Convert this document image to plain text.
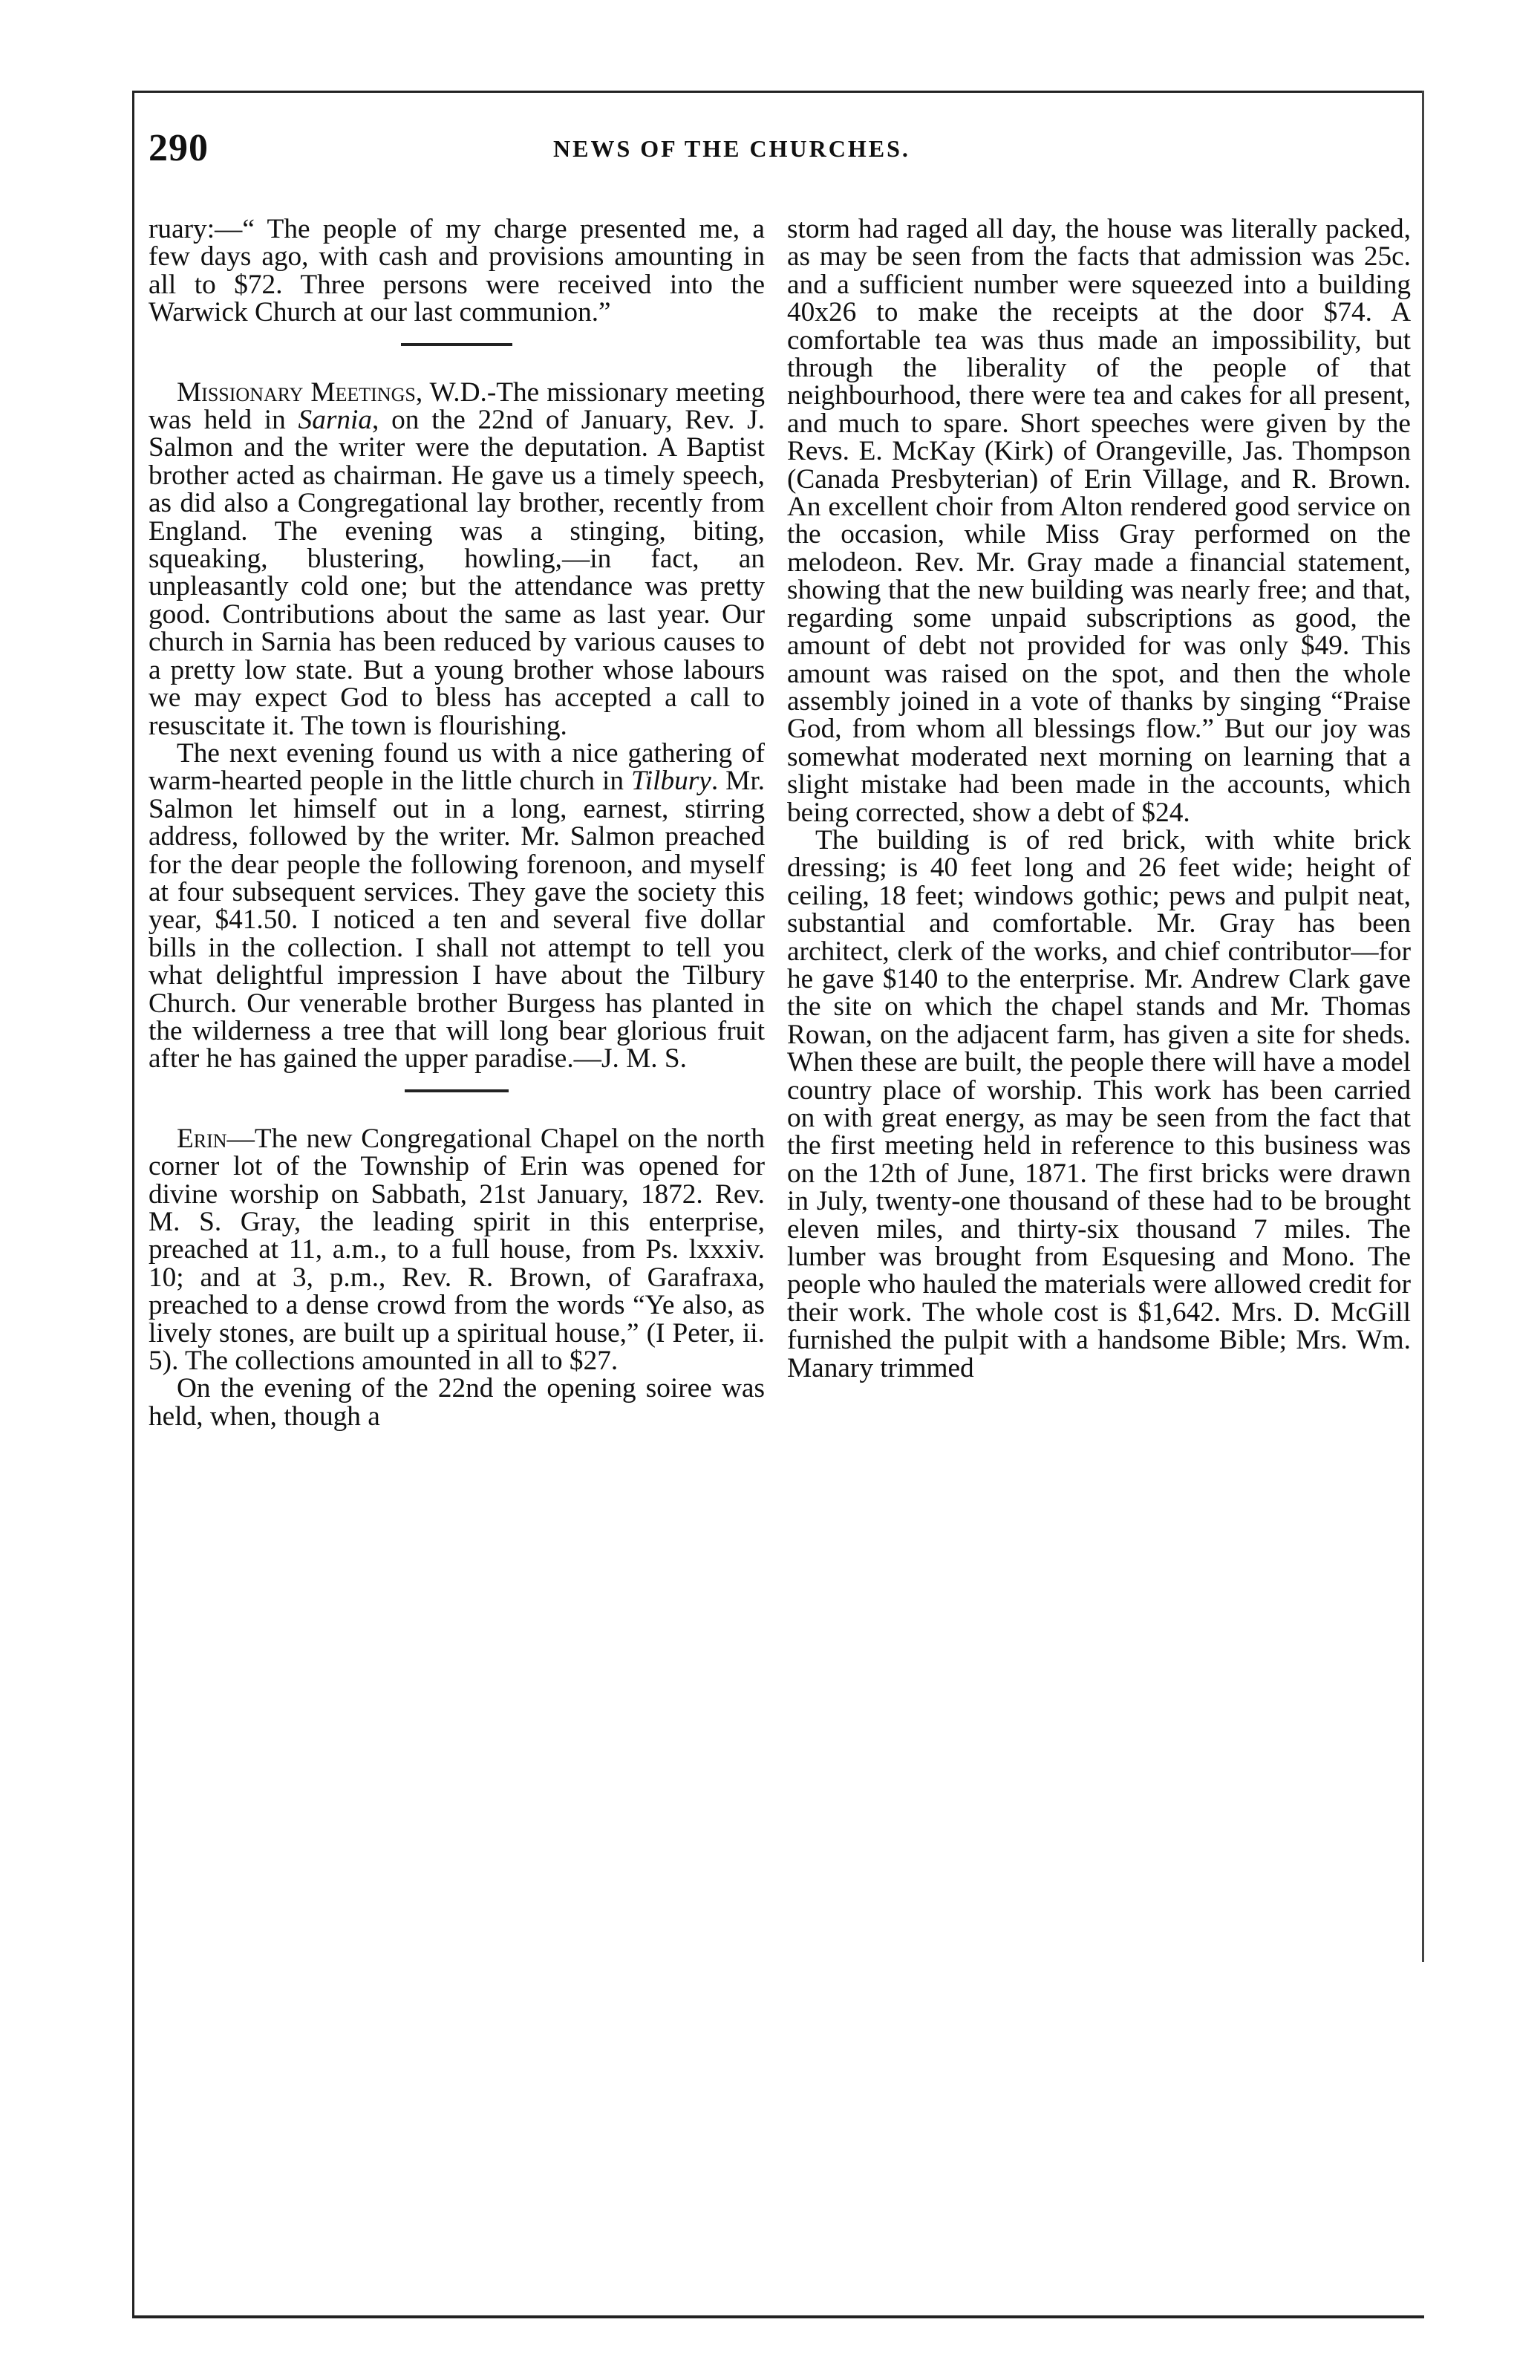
290	NEWS OF THE CHURCHES.

ruary:—“ The people of my charge presented me, a few days ago, with cash and provisions amounting in all to $72. Three persons were received into the Warwick Church at our last communion.”

Missionary Meetings, W.D.-The missionary meeting was held in Sarnia, on the 22nd of January, Rev. J. Salmon and the writer were the deputation. A Baptist brother acted as chairman. He gave us a timely speech, as did also a Congregational lay brother, recently from England. The evening was a stinging, biting, squeaking, blustering, howling,—in fact, an unpleasantly cold one; but the attendance was pretty good. Contributions about the same as last year. Our church in Sarnia has been reduced by various causes to a pretty low state. But a young brother whose labours we may expect God to bless has accepted a call to resuscitate it. The town is flourishing.

The next evening found us with a nice gathering of warm-hearted people in the little church in Tilbury. Mr. Salmon let himself out in a long, earnest, stirring address, followed by the writer. Mr. Salmon preached for the dear people the following forenoon, and myself at four subsequent services. They gave the society this year, $41.50. I noticed a ten and several five dollar bills in the collection. I shall not attempt to tell you what delightful impression I have about the Tilbury Church. Our venerable brother Burgess has planted in the wilderness a tree that will long bear glorious fruit after he has gained the upper paradise.—J. M. S.

Erin—The new Congregational Chapel on the north corner lot of the Township of Erin was opened for divine worship on Sabbath, 21st January, 1872. Rev. M. S. Gray, the leading spirit in this enterprise, preached at 11, a.m., to a full house, from Ps. lxxxiv. 10; and at 3, p.m., Rev. R. Brown, of Garafraxa, preached to a dense crowd from the words “Ye also, as lively stones, are built up a spiritual house,” (I Peter, ii. 5). The collections amounted in all to $27.

On the evening of the 22nd the opening soiree was held, when, though a

storm had raged all day, the house was literally packed, as may be seen from the facts that admission was 25c. and a sufficient number were squeezed into a building 40x26 to make the receipts at the door $74. A comfortable tea was thus made an impossibility, but through the liberality of the people of that neighbourhood, there were tea and cakes for all present, and much to spare. Short speeches were given by the Revs. E. McKay (Kirk) of Orangeville, Jas. Thompson (Canada Presbyterian) of Erin Village, and R. Brown. An excellent choir from Alton rendered good service on the occasion, while Miss Gray performed on the melodeon. Rev. Mr. Gray made a financial statement, showing that the new building was nearly free; and that, regarding some unpaid subscriptions as good, the amount of debt not provided for was only $49. This amount was raised on the spot, and then the whole assembly joined in a vote of thanks by singing “Praise God, from whom all blessings flow.” But our joy was somewhat moderated next morning on learning that a slight mistake had been made in the accounts, which being corrected, show a debt of $24.

The building is of red brick, with white brick dressing; is 40 feet long and 26 feet wide; height of ceiling, 18 feet; windows gothic; pews and pulpit neat, substantial and comfortable. Mr. Gray has been architect, clerk of the works, and chief contributor—for he gave $140 to the enterprise. Mr. Andrew Clark gave the site on which the chapel stands and Mr. Thomas Rowan, on the adjacent farm, has given a site for sheds. When these are built, the people there will have a model country place of worship. This work has been carried on with great energy, as may be seen from the fact that the first meeting held in reference to this business was on the 12th of June, 1871. The first bricks were drawn in July, twenty-one thousand of these had to be brought eleven miles, and thirty-six thousand 7 miles. The lumber was brought from Esquesing and Mono. The people who hauled the materials were allowed credit for their work. The whole cost is $1,642. Mrs. D. McGill furnished the pulpit with a handsome Bible; Mrs. Wm. Manary trimmed
